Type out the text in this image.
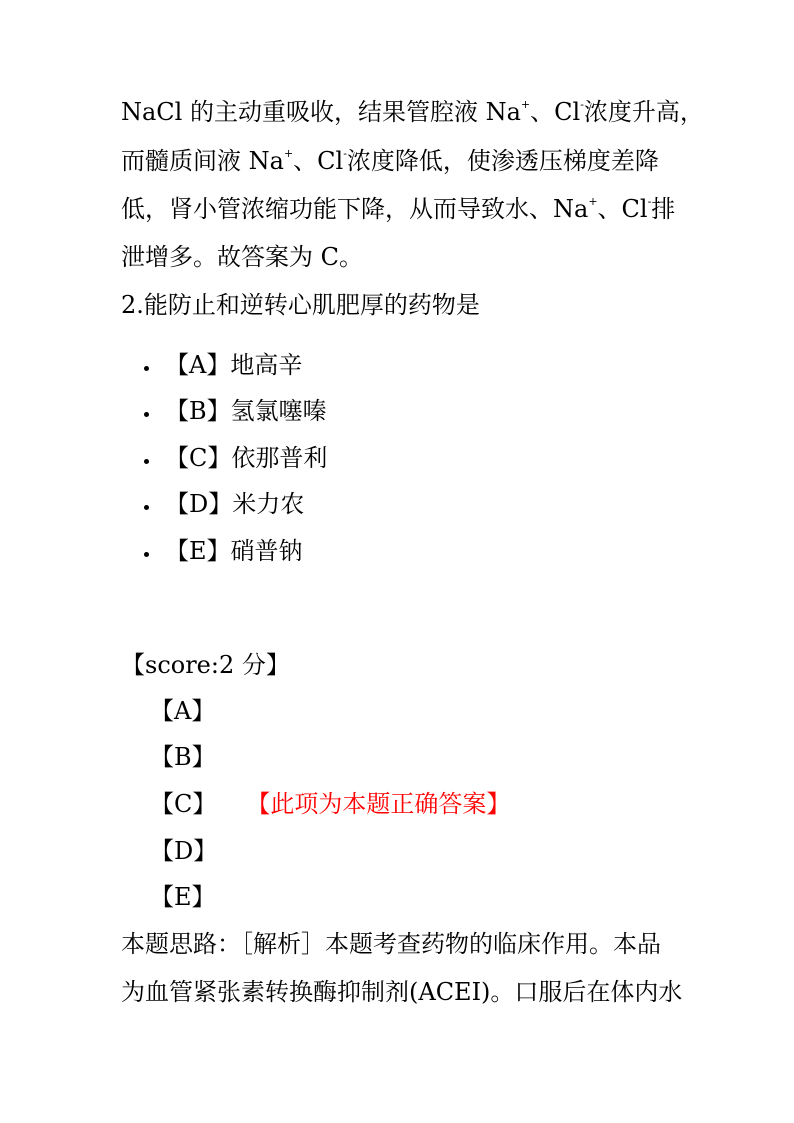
NaCl 的主动重吸收，结果管腔液 Na+、Cl-浓度升高，
而髓质间液 Na+、Cl-浓度降低，使渗透压梯度差降
低，肾小管浓缩功能下降，从而导致水、Na+、Cl-排
泄增多。故答案为 C。
2.能防止和逆转心肌肥厚的药物是
【A】地高辛
【B】氢氯噻嗪
【C】依那普利
【D】米力农
【E】硝普钠
【score:2 分】
【A】
【B】
【C】 【此项为本题正确答案】
【D】
【E】
本题思路：［解析］本题考查药物的临床作用。本品
为血管紧张素转换酶抑制剂(ACEI)。口服后在体内水
